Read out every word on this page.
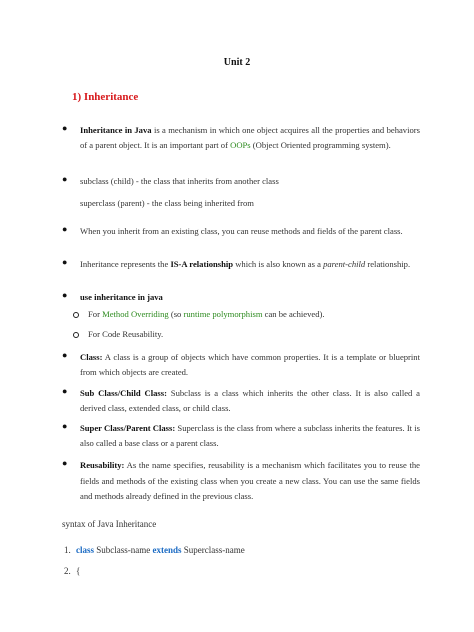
Unit 2
1) Inheritance
● Inheritance in Java is a mechanism in which one object acquires all the properties and behaviors of a parent object. It is an important part of OOPs (Object Oriented programming system).
● subclass (child) - the class that inherits from another class
superclass (parent) - the class being inherited from
● When you inherit from an existing class, you can reuse methods and fields of the parent class.
● Inheritance represents the IS-A relationship which is also known as a parent-child relationship.
● use inheritance in java
For Method Overriding (so runtime polymorphism can be achieved).
For Code Reusability.
● Class: A class is a group of objects which have common properties. It is a template or blueprint from which objects are created.
● Sub Class/Child Class: Subclass is a class which inherits the other class. It is also called a derived class, extended class, or child class.
● Super Class/Parent Class: Superclass is the class from where a subclass inherits the features. It is also called a base class or a parent class.
● Reusability: As the name specifies, reusability is a mechanism which facilitates you to reuse the fields and methods of the existing class when you create a new class. You can use the same fields and methods already defined in the previous class.
syntax of Java Inheritance
1. class Subclass-name extends Superclass-name
2. {
